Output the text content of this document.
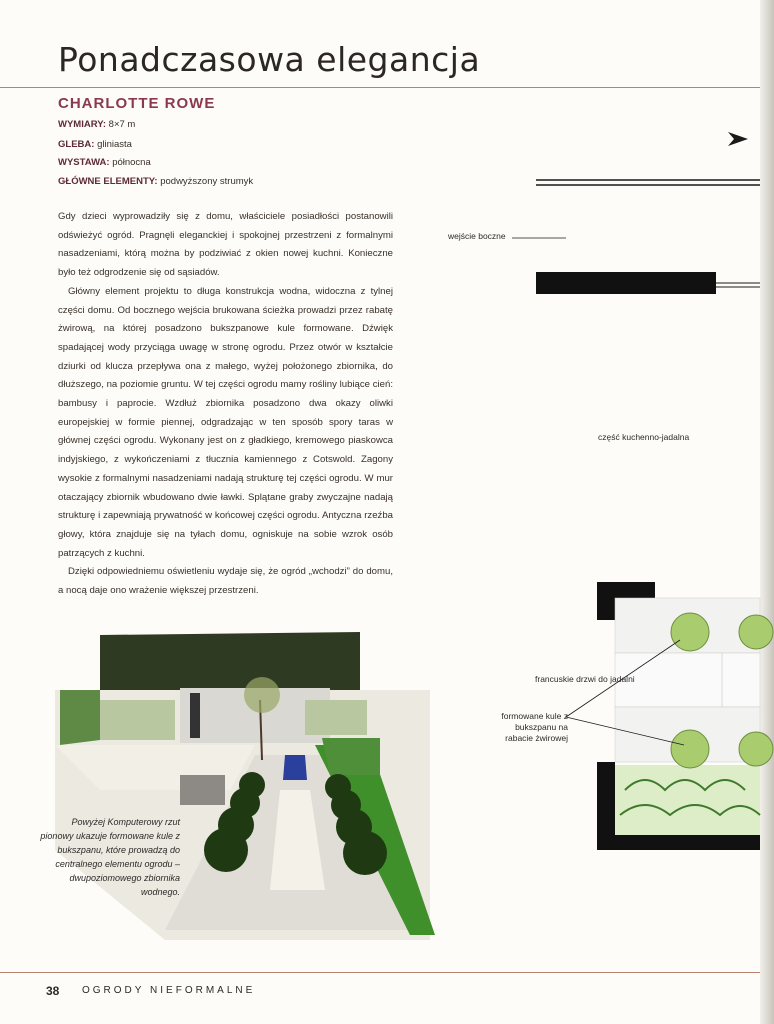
Ponadczasowa elegancja
CHARLOTTE ROWE
WYMIARY: 8×7 m
GLEBA: gliniasta
WYSTAWA: północna
GŁÓWNE ELEMENTY: podwyższony strumyk

Gdy dzieci wyprowadziły się z domu, właściciele posiadłości postanowili odświeżyć ogród. Pragnęli eleganckiej i spokojnej przestrzeni z formalnymi nasadzeniami, którą można by podziwiać z okien nowej kuchni. Konieczne było też odgrodzenie się od sąsiadów.

Główny element projektu to długa konstrukcja wodna, widoczna z tylnej części domu. Od bocznego wejścia brukowana ścieżka prowadzi przez rabatę żwirową, na której posadzono bukszpanowe kule formowane. Dźwięk spadającej wody przyciąga uwagę w stronę ogrodu. Przez otwór w kształcie dziurki od klucza przepływa ona z małego, wyżej położonego zbiornika, do dłuższego, na poziomie gruntu. W tej części ogrodu mamy rośliny lubiące cień: bambusy i paprocie. Wzdłuż zbiornika posadzono dwa okazy oliwki europejskiej w formie piennej, odgradzając w ten sposób spory taras w głównej części ogrodu. Wykonany jest on z gładkiego, kremowego piaskowca indyjskiego, z wykończeniami z tłucznia kamiennego z Cotswold. Zagony wysokie z formalnymi nasadzeniami nadają strukturę tej części ogrodu. W mur otaczający zbiornik wbudowano dwie ławki. Splątane graby zwyczajne nadają strukturę i zapewniają prywatność w końcowej części ogrodu. Antyczna rzeźba głowy, która znajduje się na tyłach domu, ogniskuje na sobie wzrok osób patrzących z kuchni.

Dzięki odpowiedniemu oświetleniu wydaje się, że ogród „wchodzi” do domu, a nocą daje ono wrażenie większej przestrzeni.

wejście boczne
część kuchenno-jadalna
francuskie drzwi do jadalni
formowane kule z bukszpanu na rabacie żwirowej
Powyżej Komputerowy rzut pionowy ukazuje formowane kule z bukszpanu, które prowadzą do centralnego elementu ogrodu – dwupoziomowego zbiornika wodnego.
38 OGRODY NIEFORMALNE
